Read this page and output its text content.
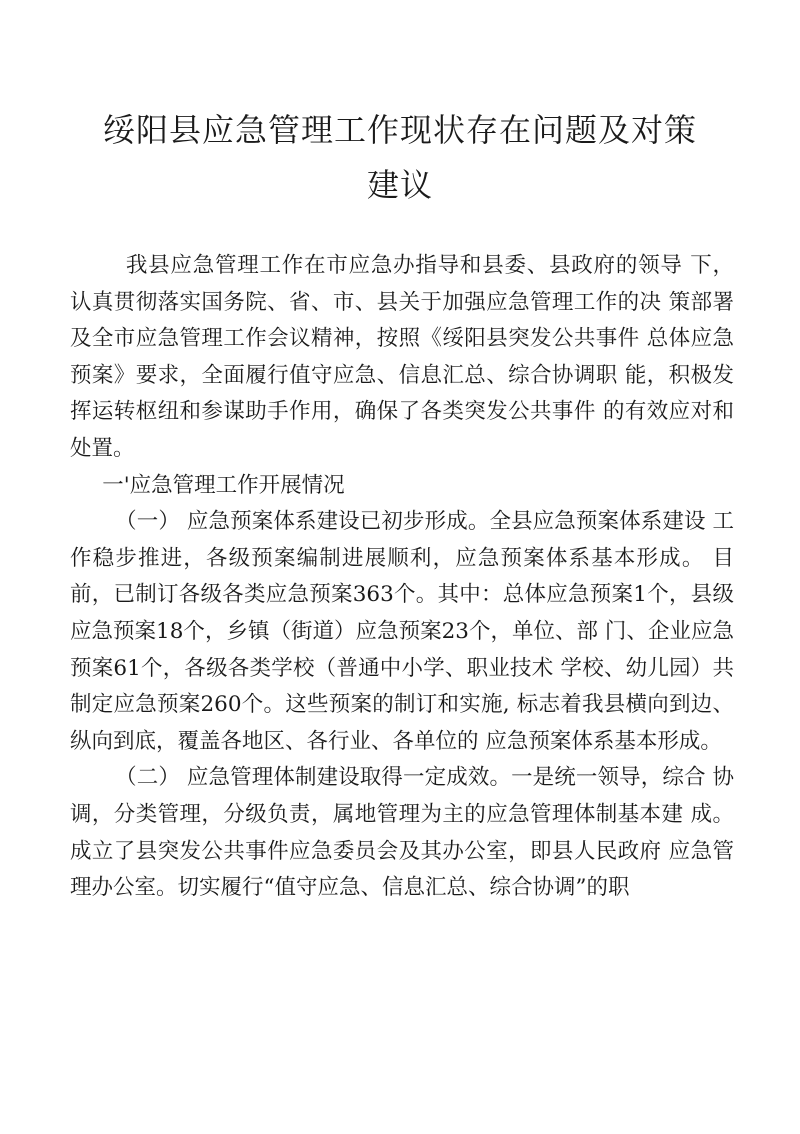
绥阳县应急管理工作现状存在问题及对策建议

我县应急管理工作在市应急办指导和县委、县政府的领导 下，认真贯彻落实国务院、省、市、县关于加强应急管理工作的决 策部署及全市应急管理工作会议精神，按照《绥阳县突发公共事件 总体应急预案》要求，全面履行值守应急、信息汇总、综合协调职 能，积极发挥运转枢纽和参谋助手作用，确保了各类突发公共事件 的有效应对和处置。

一'应急管理工作开展情况

（一） 应急预案体系建设已初步形成。全县应急预案体系建设 工作稳步推进，各级预案编制进展顺利，应急预案体系基本形成。 目前，已制订各级各类应急预案363个。其中：总体应急预案1个，县级应急预案18个，乡镇（街道）应急预案23个，单位、部 门、企业应急预案61个，各级各类学校（普通中小学、职业技术 学校、幼儿园）共制定应急预案260个。这些预案的制订和实施, 标志着我县横向到边、纵向到底，覆盖各地区、各行业、各单位的 应急预案体系基本形成。

（二） 应急管理体制建设取得一定成效。一是统一领导，综合 协调，分类管理，分级负责，属地管理为主的应急管理体制基本建 成。成立了县突发公共事件应急委员会及其办公室，即县人民政府 应急管理办公室。切实履行“值守应急、信息汇总、综合协调”的职
